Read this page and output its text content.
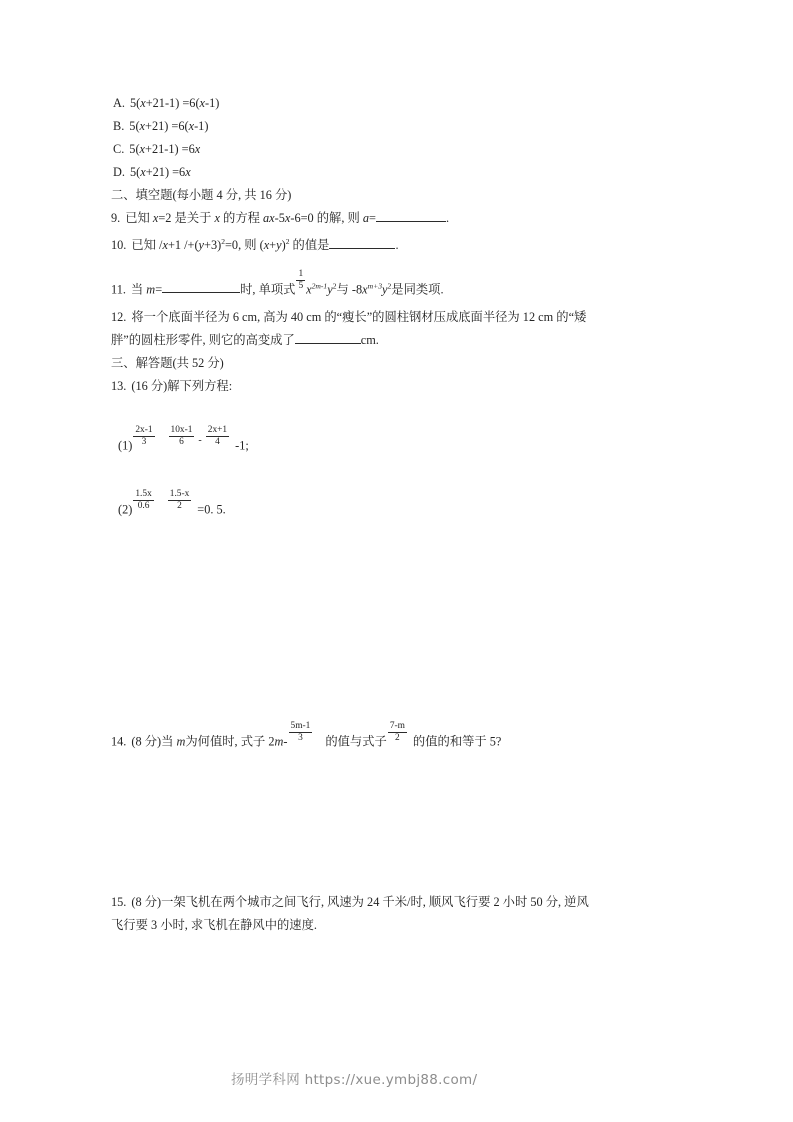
A. 5(x+21-1) =6(x-1)
B. 5(x+21) =6(x-1)
C. 5(x+21-1) =6x
D. 5(x+21) =6x
二、填空题(每小题 4 分, 共 16 分)
9. 已知 x=2 是关于 x 的方程 ax-5x-6=0 的解, 则 a=	.
10. 已知 /x+1 $/+(y+3)^2=0$, 则 $(x+y)^2$ 的值是	.
11. 当 m=	时, 单项式 $\frac{1}{5} x^{2m-1}y^2$与 $-8x^{m+3}y^2$是同类项.
12. 将一个底面半径为 6 cm, 高为 40 cm 的“瘦长”的圆柱钢材压成底面半径为 12 cm 的“矮
胖”的圆柱形零件, 则它的高变成了	cm.
三、解答题(共 52 分)
13. (16 分)解下列方程:
$(1) \frac{2x-1}{3} \frac{10x-1}{6} - \frac{2x+1}{4} -1$;
$(2) \frac{1.5x}{0.6} \frac{1.5-x}{2} =0$. 5.
14. (8 分)当 m为何值时, 式子 $2m- \frac{5m-1}{3}$ 的值与式子 $\frac{7-m}{2}$ 的值的和等于 5?
15. (8 分)一架飞机在两个城市之间飞行, 风速为 24 千米/时, 顺风飞行要 2 小时 50 分, 逆风
飞行要 3 小时, 求飞机在静风中的速度.
扬明学科网 https://xue.ymbj88.com/
